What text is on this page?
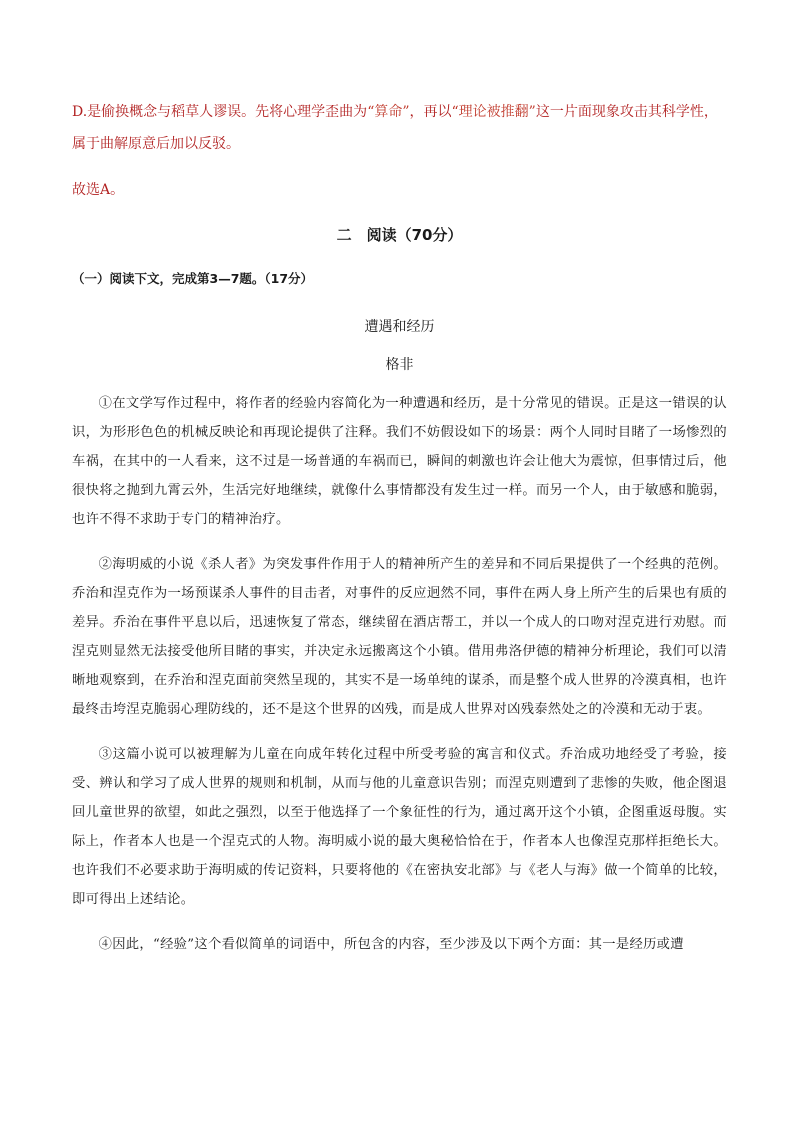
D.是偷换概念与稻草人谬误。先将心理学歪曲为“算命”，再以“理论被推翻”这一片面现象攻击其科学性，属于曲解原意后加以反驳。

故选A。

二　阅读（70分）

（一）阅读下文，完成第3—7题。（17分）

遭遇和经历

格非

①在文学写作过程中，将作者的经验内容简化为一种遭遇和经历，是十分常见的错误。正是这一错误的认识，为形形色色的机械反映论和再现论提供了注释。我们不妨假设如下的场景：两个人同时目睹了一场惨烈的车祸，在其中的一人看来，这不过是一场普通的车祸而已，瞬间的刺激也许会让他大为震惊，但事情过后，他很快将之抛到九霄云外，生活完好地继续，就像什么事情都没有发生过一样。而另一个人，由于敏感和脆弱，也许不得不求助于专门的精神治疗。

②海明威的小说《杀人者》为突发事件作用于人的精神所产生的差异和不同后果提供了一个经典的范例。乔治和涅克作为一场预谋杀人事件的目击者，对事件的反应迥然不同，事件在两人身上所产生的后果也有质的差异。乔治在事件平息以后，迅速恢复了常态，继续留在酒店帮工，并以一个成人的口吻对涅克进行劝慰。而涅克则显然无法接受他所目睹的事实，并决定永远搬离这个小镇。借用弗洛伊德的精神分析理论，我们可以清晰地观察到，在乔治和涅克面前突然呈现的，其实不是一场单纯的谋杀，而是整个成人世界的冷漠真相，也许最终击垮涅克脆弱心理防线的，还不是这个世界的凶残，而是成人世界对凶残泰然处之的冷漠和无动于衷。

③这篇小说可以被理解为儿童在向成年转化过程中所受考验的寓言和仪式。乔治成功地经受了考验，接受、辨认和学习了成人世界的规则和机制，从而与他的儿童意识告别；而涅克则遭到了悲惨的失败，他企图退回儿童世界的欲望，如此之强烈，以至于他选择了一个象征性的行为，通过离开这个小镇，企图重返母腹。实际上，作者本人也是一个涅克式的人物。海明威小说的最大奥秘恰恰在于，作者本人也像涅克那样拒绝长大。也许我们不必要求助于海明威的传记资料，只要将他的《在密执安北部》与《老人与海》做一个简单的比较，即可得出上述结论。

④因此，“经验”这个看似简单的词语中，所包含的内容，至少涉及以下两个方面：其一是经历或遭
